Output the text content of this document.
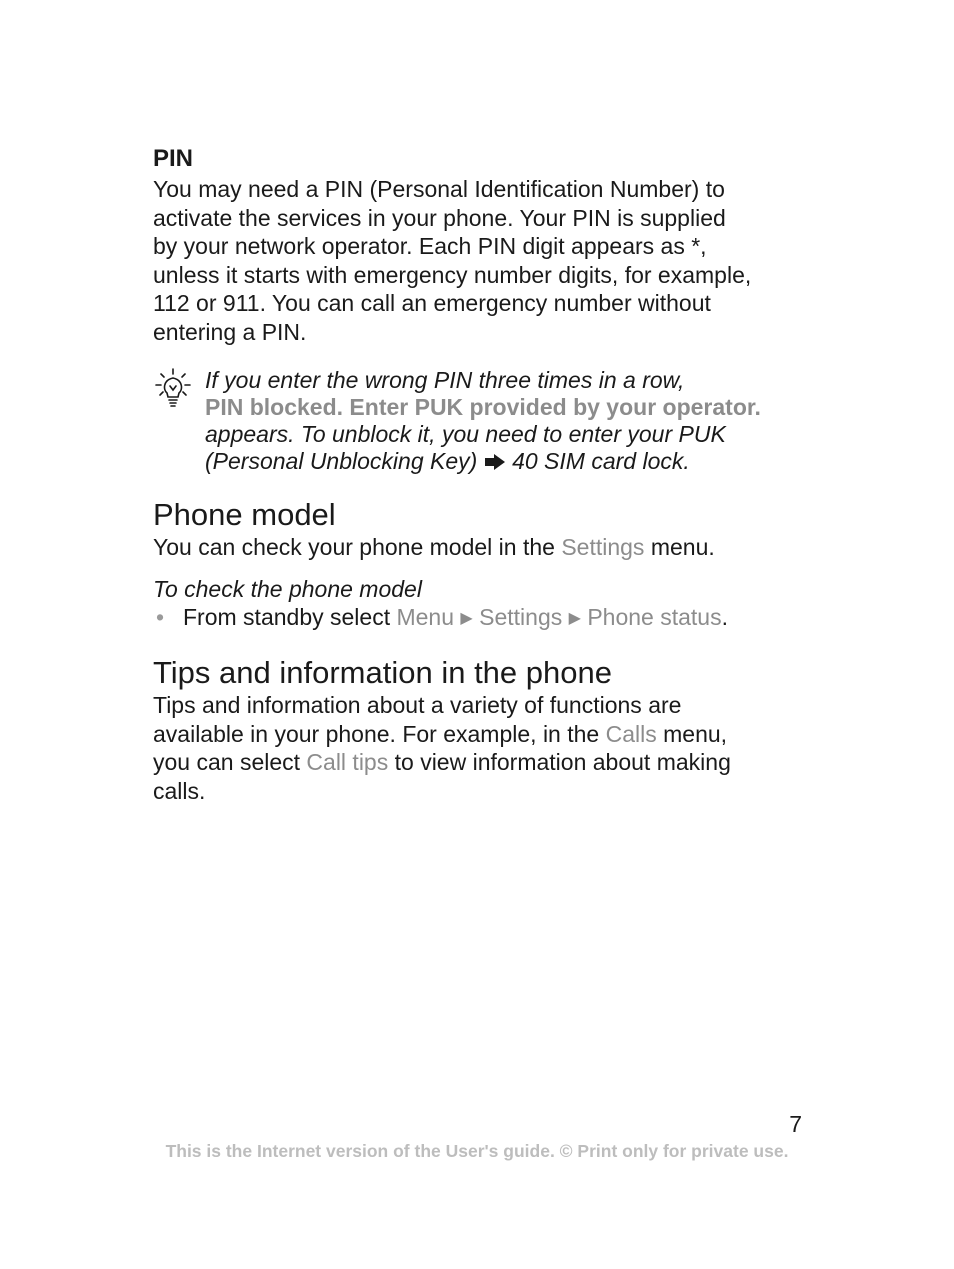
PIN

You may need a PIN (Personal Identification Number) to

activate the services in your phone. Your PIN is supplied

by your network operator. Each PIN digit appears as *,

unless it starts with emergency number digits, for example,

112 or 911. You can call an emergency number without

entering a PIN.

If you enter the wrong PIN three times in a row,

PIN blocked. Enter PUK provided by your operator.

appears. To unblock it, you need to enter your PUK

(Personal Unblocking Key) 40 SIM card lock.

Phone model

You can check your phone model in the Settings menu.

To check the phone model

• From standby select Menu ▶ Settings ▶ Phone status.
Tips and information in the phone

Tips and information about a variety of functions are

available in your phone. For example, in the Calls menu,

you can select Call tips to view information about making

calls.

7
This is the Internet version of the User's guide. © Print only for private use.
